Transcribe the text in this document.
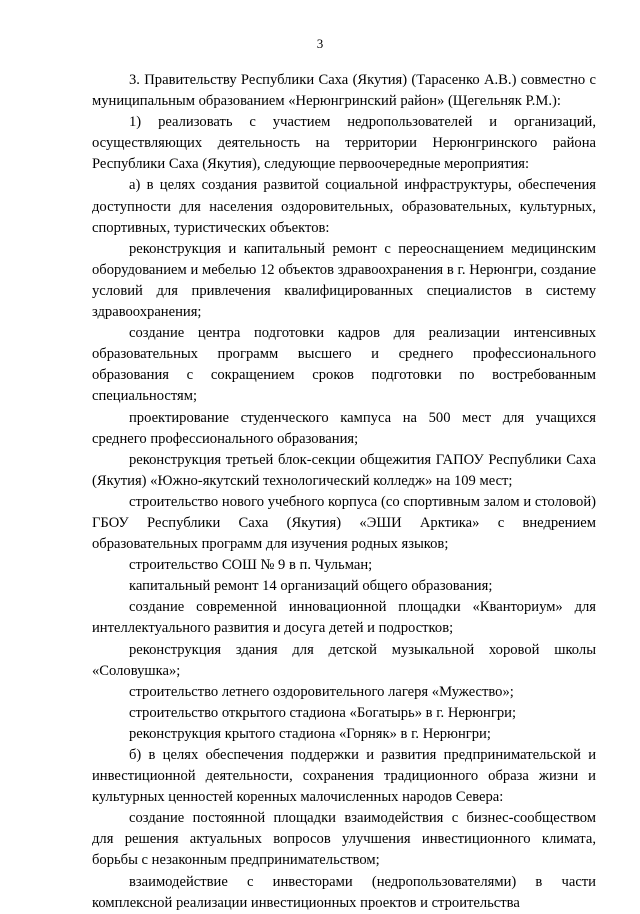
3

3. Правительству Республики Саха (Якутия) (Тарасенко А.В.) совместно с муниципальным образованием «Нерюнгринский район» (Щегельняк Р.М.):

1) реализовать с участием недропользователей и организаций, осуществляющих деятельность на территории Нерюнгринского района Республики Саха (Якутия), следующие первоочередные мероприятия:

а) в целях создания развитой социальной инфраструктуры, обеспечения доступности для населения оздоровительных, образовательных, культурных, спортивных, туристических объектов:

реконструкция и капитальный ремонт с переоснащением медицинским оборудованием и мебелью 12 объектов здравоохранения в г. Нерюнгри, создание условий для привлечения квалифицированных специалистов в систему здравоохранения;

создание центра подготовки кадров для реализации интенсивных образовательных программ высшего и среднего профессионального образования с сокращением сроков подготовки по востребованным специальностям;

проектирование студенческого кампуса на 500 мест для учащихся среднего профессионального образования;

реконструкция третьей блок-секции общежития ГАПОУ Республики Саха (Якутия) «Южно-якутский технологический колледж» на 109 мест;

строительство нового учебного корпуса (со спортивным залом и столовой) ГБОУ Республики Саха (Якутия) «ЭШИ Арктика» с внедрением образовательных программ для изучения родных языков;

строительство СОШ № 9 в п. Чульман;

капитальный ремонт 14 организаций общего образования;

создание современной инновационной площадки «Кванториум» для интеллектуального развития и досуга детей и подростков;

реконструкция здания для детской музыкальной хоровой школы «Соловушка»;

строительство летнего оздоровительного лагеря «Мужество»;

строительство открытого стадиона «Богатырь» в г. Нерюнгри;

реконструкция крытого стадиона «Горняк» в г. Нерюнгри;

б) в целях обеспечения поддержки и развития предпринимательской и инвестиционной деятельности, сохранения традиционного образа жизни и культурных ценностей коренных малочисленных народов Севера:

создание постоянной площадки взаимодействия с бизнес-сообществом для решения актуальных вопросов улучшения инвестиционного климата, борьбы с незаконным предпринимательством;

взаимодействие с инвесторами (недропользователями) в части комплексной реализации инвестиционных проектов и строительства
